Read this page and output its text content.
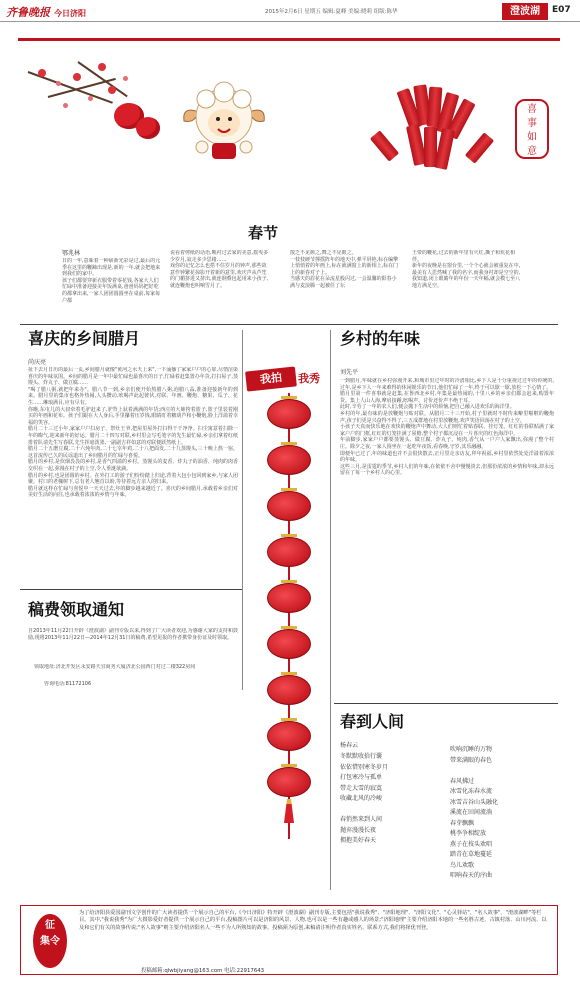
齐鲁晚报 今日济阳	2015年2月6日 星期五 编辑:夏峰 美编:晓莉 组版:陈华	澄波湖	E07
喜
事
如
意
春节
鄂兆林
日的一年,意味着一种崭新光彩是过,最后的元季在这里的鞭蹄出现是,新的一年,就会把地来到我们的家中。
孩子们都要穿新衣服带着零花钱,各家大人们忙碌中准备迎接美年饭满桌,爸爸妈妈把好吃的都拿出来,一家人团团圆圆坐在桌前,每家每户都
说看着剪纸的话语,映衬过去家的美意,摇曳多少岁月,寂走多少思绪……
戏你的记忆怎么也搭不住岁月的钟声,那些故意作钟繁花掠影开着新的意里,欢庆声从芦笙的门楣挤进又挤出,就连钢叠包起用来小孩子,就连鞭炮也叫响雪月了。
散乏不见颜之,舞之不见眼之。
一枝枝硬节撑摇阵年的地天中,弹平屏艳,标在编擎上悄悄着的年画上,标在就满窗上的新相上,标在门上的新春对子上。
当感天的眉花在朵流星般闪过,一会温馨的阳春小满与麦浪腾一起被任了坛
王带的鞭花,过去的新年里有火红,撕子和炕花相伴。
新年的夜晚是在窗台里,一个个心就会被重复在中,最美有人思然喊了我的名字,而我身衬却是空空的,我知道,闭上眼睛年的年份一天年幅,就会模七至八地方满足空。
喜庆的乡间腊月
尚庆亮
扯下去月日历的最后一页,乡间腊月就像"黄河之水天上来",一下涌播了家家户户的心扉,尽情渲染喜庆的年味氛围。乡间的腊月是一年中最忙碌也最喜庆的日子,忙碌着赶集置办年货,打扫屋子,蒸馒头、炸丸子、做豆腐……
"喝了腊八粥,就把年来办"。腊八节一到,乡亲们便开始熬腊八粥,泡腊八蒜,准备迎接新年的到来。腊月里的集市也格外热闹,人头攒动,吆喝声此起彼伏,对联、年画、鞭炮、糖果、瓜子、花生……琳琅满目,应有尽有。
你瞧,东屯儿的大叔牵着毛驴赶来了,驴背上驮着满满的年货;西庄的大婶挎着篮子,篮子里装着刚买的年画和花布。孩子们跟在大人身后,手里攥着压岁钱,眼睛盯着糖葫芦和小鞭炮,脸上洋溢着幸福的笑容。
腊月二十三过小年,家家户户扫房子、祭灶王爷,把屋里屋外打扫得干干净净。扫尘寓意着扫除一年的晦气,迎来新年的好运。腊月二十四写对联,乡村里会写毛笔字的先生最忙碌,乡亲们拿着红纸排着队请先生写春联,先生挥毫泼墨,一副副吉祥如意的对联便跃然纸上。
腊月二十五磨豆腐,二十六炖年肉,二十七宰年鸡,二十八把面发,二十九蒸馒头,三十晚上熬一宿。这首流传已久的民谣道出了乡间腊月的忙碌与喜悦。
腊月的乡村,是炊烟袅袅的乡村,是香气四溢的乡村。蒸馒头的麦香、炸丸子的油香、炖肉的肉香交织在一起,弥漫在村子的上空,令人垂涎欲滴。
腊月的乡村,也是团圆的乡村。在外打工的游子们纷纷踏上归途,背着大包小包回到家乡,与家人团聚。村口的老槐树下,总有老人翘首以盼,等待着远方亲人的归来。
腊月就这样在忙碌与喜悦中一天天过去,年的脚步越来越近了。喜庆的乡间腊月,承载着乡亲们对美好生活的向往,也承载着浓浓的乡情与年味。
稿费领取通知
自2013年11月22日开辟《澄波湖》副刊专版以来,得到了广大读者欢迎,为感谢大家的支持和鼓励,现将2013年11月22日—2014年12月31日的稿费,希望见报的作者携带身份证及时领取。
领取地址:济北开发区永安路天宜商务大厦济北公园西门对过二楼322房间
咨询电话:81172106
我拍	我秀
乡村的年味
刘先平
一到腊月,年味就在乡村弥漫开来,和城市里过年时的冷清相比,乡下人是十分重视过过年的传统的,过年,是乡下人一年来难得的休闲娱乐的节日,他们忙碌了一年,终于可以歇一歇,放松一下心情了。
腊月里第一件喜事就是赶集,在鲁西北乡村,年集是最热闹的,十里八乡的乡亲们都会赶来,购置年货。集上人山人海,摩肩接踵,吆喝声、讨价还价声不绝于耳。
此时,辛劳了一年的农人们,便会抛下生活中的烦恼,把自己融入进欢乐的海洋里。
乡村的年,最有味的是放鞭炮与贴对联。从腊月二十三开始,村子里就时不时传来噼里啪啦的鞭炮声,孩子们更是兴奋得不得了,三五成群地在村里放鞭炮,欢声笑语回荡在村子的上空。
小孩子天真而快乐地在欢快的鞭炮声中舞动,大人们则忙着贴春联、挂灯笼。红红的春联贴满了家家户户的门框,红红的灯笼挂满了屋檐,整个村子都沉浸在一片喜庆的红色海洋中。
年前脚步,家家户户都要蒸馒头、做豆腐、炸丸子、炖肉,香气从一户户人家飘出,弥漫了整个村庄。除夕之夜,一家人围坐在一起吃年夜饭,看春晚,守岁,其乐融融。
即便年已过了,年的味道也并不会很快散去,正月里走亲访友,拜年祝福,乡村里依然处处洋溢着浓浓的年味。
这些三月,是雷霆的季节,乡村人们的年味,在依依不舍中慢慢淡去,但那份浓浓的乡情和年味,却永远留在了每一个乡村人的心里。
春到人间
杨春云
冬默默收拾行囊
依依惜别寒冬岁月
打包寒冷与孤单
带走大雪的寂寞
收藏北风的冷峻
春悄然来到人间
抛弃漫漫长夜
拥抱美好春天
吹响沉睡的万物
带来满眼的春色
春风拂过
冰雪化冻春水流
冰雪吉谷山头融化
溪流在田间流淌
春芽飘飘
桃李争相绽放
燕子在枝头欢唱
踏青在草地蔓延
鸟儿欢歌
唱响春天的序曲
征
集令
为了给济阳县爱国副刊文学创作的广大读者提供一个展示自己的平台,《今日济阳》特开辟《澄波湖》副刊专版,主要包括"我说我秀"、"济阳地理"、"济阳文化"、"心灵驿站"、"名人故事"、"澄波湖畔"等栏目。其中,"我说我秀"为广大摄影爱好者提供一个展示自己的平台,投稿图片可以是济阳的风景、人物,也可以是一些有趣或感人的场景;"济阳地理"主要介绍济阳本地的一些名胜古迹、古镇村落、山川河流、以及和它们有关的故事传说;"名人故事"则主要介绍济阳名人一些不为人所熟知的故事。投稿须为原创,来稿请注明作者真实姓名、联系方式,我们将择优刊登。
投稿邮箱:qlwbjiyang@163.com 电话:22917643
